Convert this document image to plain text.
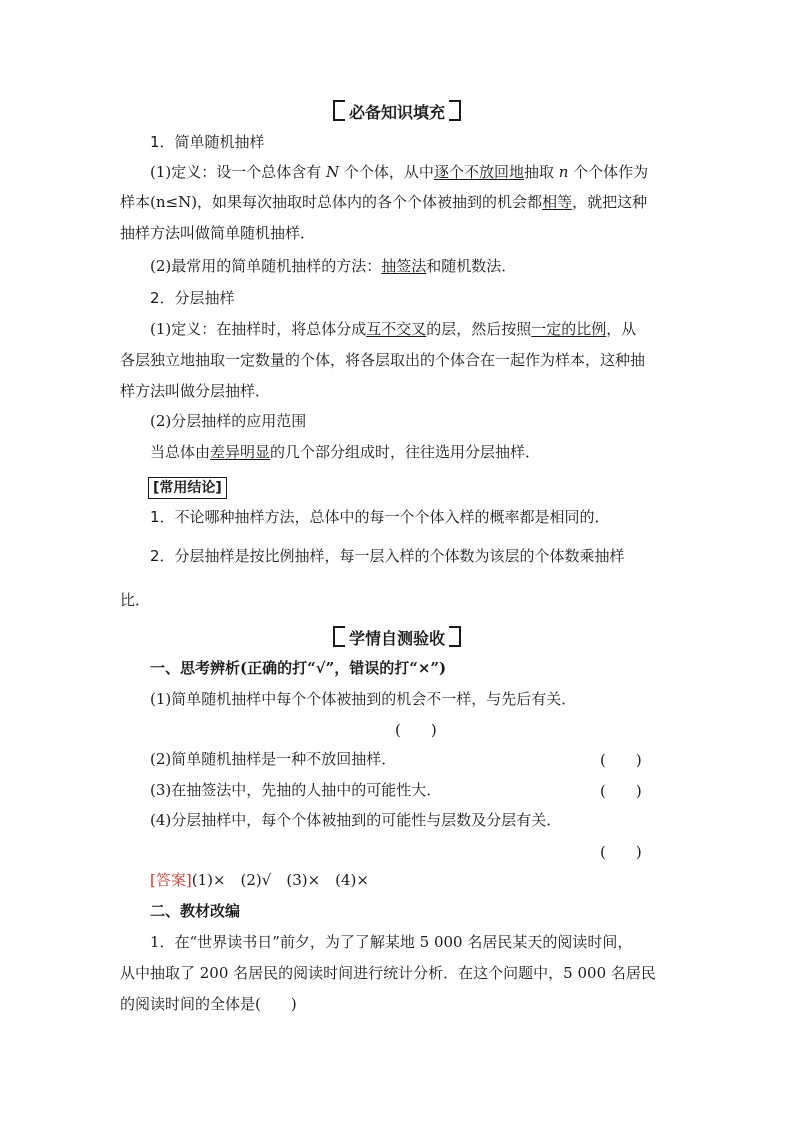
必备知识填充
1．简单随机抽样
(1)定义：设一个总体含有 N 个个体，从中逐个不放回地抽取 n 个个体作为
样本(n≤N)，如果每次抽取时总体内的各个个体被抽到的机会都相等，就把这种
抽样方法叫做简单随机抽样．
(2)最常用的简单随机抽样的方法：抽签法和随机数法．
2．分层抽样
(1)定义：在抽样时，将总体分成互不交叉的层，然后按照一定的比例，从
各层独立地抽取一定数量的个体，将各层取出的个体合在一起作为样本，这种抽
样方法叫做分层抽样．
(2)分层抽样的应用范围
当总体由差异明显的几个部分组成时，往往选用分层抽样．
[常用结论]
1．不论哪种抽样方法，总体中的每一个个体入样的概率都是相同的．
2．分层抽样是按比例抽样，每一层入样的个体数为该层的个体数乘抽样
比．
学情自测验收
一、思考辨析(正确的打“√”，错误的打“×”)
(1)简单随机抽样中每个个体被抽到的机会不一样，与先后有关．
(　　)
(2)简单随机抽样是一种不放回抽样．	(　　)
(3)在抽签法中，先抽的人抽中的可能性大．	(　　)
(4)分层抽样中，每个个体被抽到的可能性与层数及分层有关．
(　　)
[答案](1)×　(2)√　(3)×　(4)×
二、教材改编
1．在“世界读书日”前夕，为了了解某地 5 000 名居民某天的阅读时间，
从中抽取了 200 名居民的阅读时间进行统计分析．在这个问题中，5 000 名居民
的阅读时间的全体是(　　)
